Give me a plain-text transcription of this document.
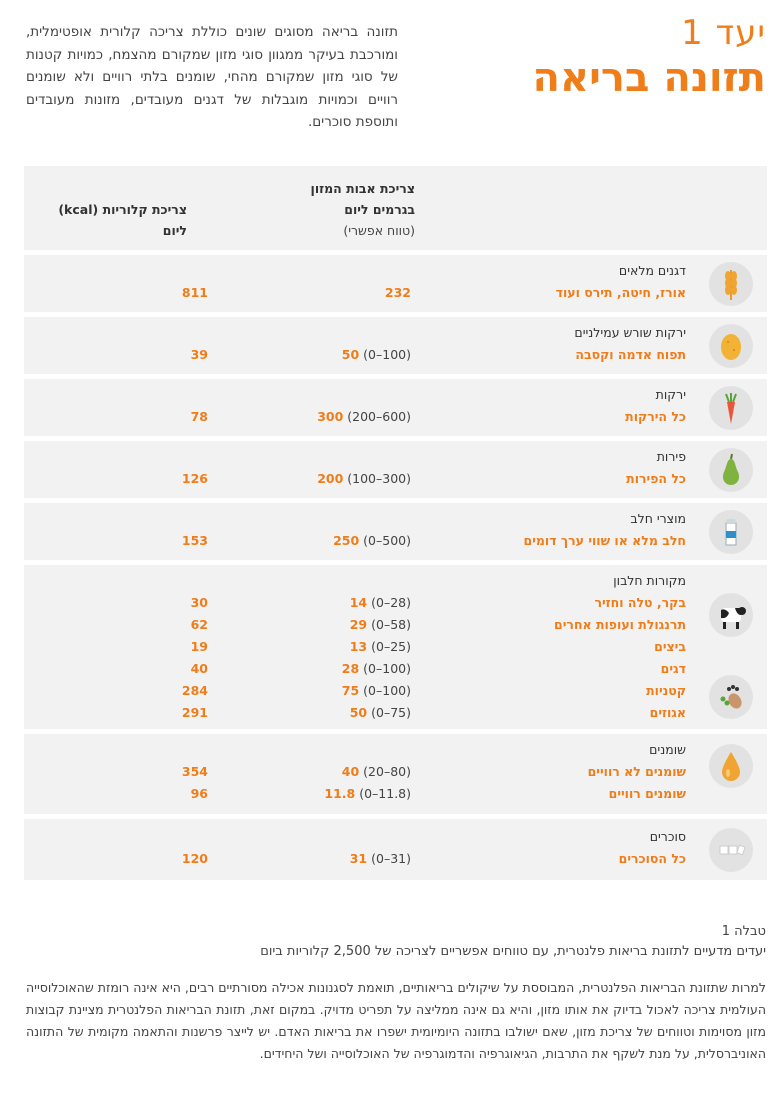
יעד 1
תזונה בריאה
תזונה בריאה מסוגים שונים כוללת צריכה קלורית אופטימלית, ומורכבת בעיקר ממגוון סוגי מזון שמקורם מהצמח, כמויות קטנות של סוגי מזון שמקורם מהחי, שומנים בלתי רוויים ולא שומנים רוויים וכמויות מוגבלות של דגנים מעובדים, מזונות מעובדים ותוספת סוכרים.
צריכת אבות המזון
בגרמים ליום
(טווח אפשרי)
צריכת קלוריות (kcal)
ליום
דגנים מלאים
אורז, חיטה, תירס ועוד
232
811
ירקות שורש עמילניים
תפוח אדמה וקסבה
50 (0–100)
39
ירקות
כל הירקות
300 (200–600)
78
פירות
כל הפירות
200 (100–300)
126
מוצרי חלב
חלב מלא או שווי ערך דומים
250 (0–500)
153
מקורות חלבון
בקר, טלה וחזיר
14 (0–28)
30
תרנגולת ועופות אחרים
29 (0–58)
62
ביצים
13 (0–25)
19
דגים
28 (0–100)
40
קטניות
75 (0–100)
284
אגוזים
50 (0–75)
291
שומנים
שומנים לא רוויים
40 (20–80)
354
שומנים רוויים
11.8 (0–11.8)
96
סוכרים
כל הסוכרים
31 (0–31)
120
טבלה 1
יעדים מדעיים לתזונת בריאות פלנטרית, עם טווחים אפשריים לצריכה של 2,500 קלוריות ביום
למרות שתזונת הבריאות הפלנטרית, המבוססת על שיקולים בריאותיים, תואמת לסגנונות אכילה מסורתיים רבים, היא אינה רומזת שהאוכלוסייה העולמית צריכה לאכול בדיוק את אותו מזון, והיא גם אינה ממליצה על תפריט מדויק. במקום זאת, תזונת הבריאות הפלנטרית מציינת קבוצות מזון מסוימות וטווחים של צריכת מזון, שאם ישולבו בתזונה היומיומית ישפרו את בריאות האדם. יש לייצר פרשנות והתאמה מקומית של התזונה האוניברסלית, על מנת לשקף את התרבות, הגיאוגרפיה והדמוגרפיה של האוכלוסייה ושל היחידים.
